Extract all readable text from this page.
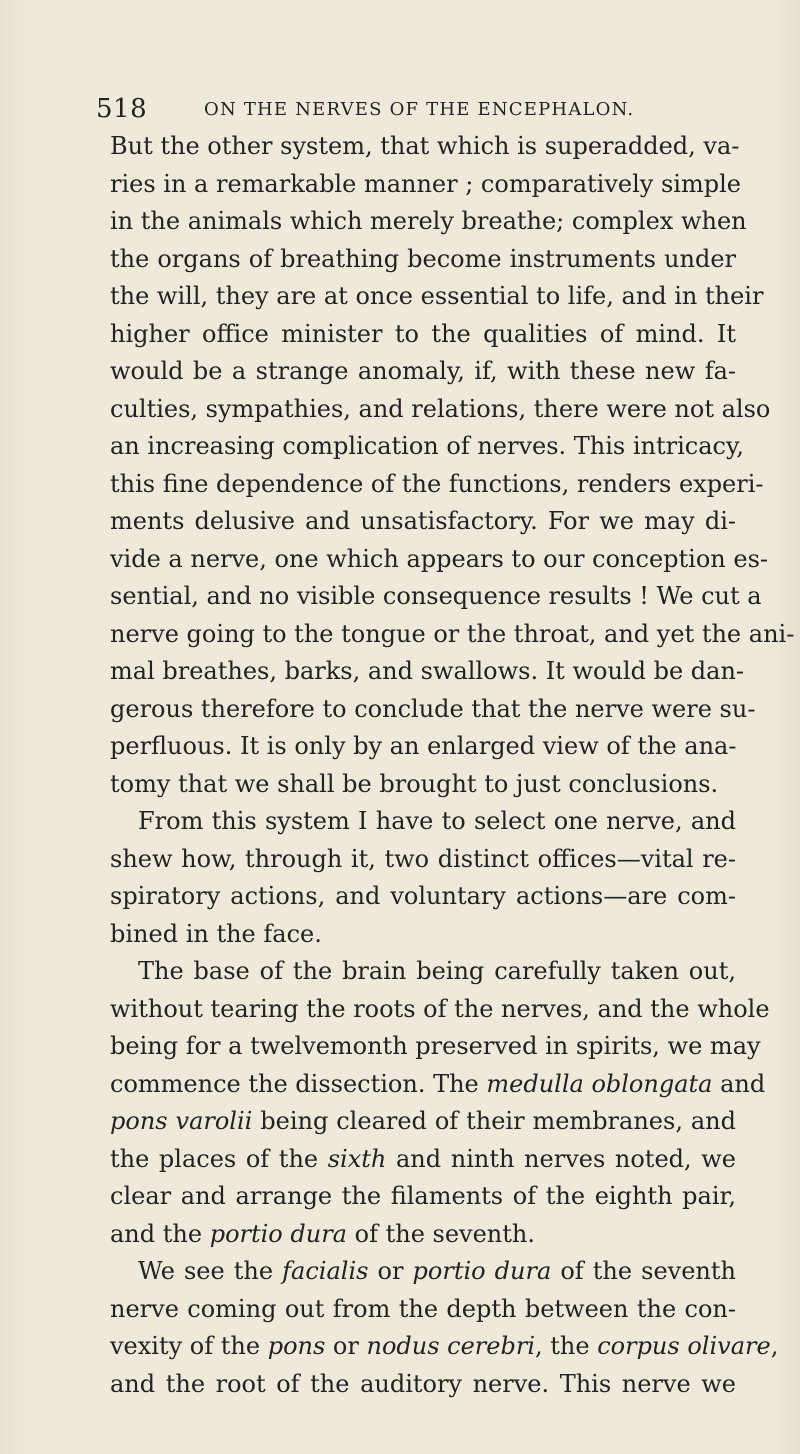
518	ON THE NERVES OF THE ENCEPHALON.
But the other system, that which is superadded, va-
ries in a remarkable manner ; comparatively simple
in the animals which merely breathe; complex when
the organs of breathing become instruments under
the will, they are at once essential to life, and in their
higher office minister to the qualities of mind. It
would be a strange anomaly, if, with these new fa-
culties, sympathies, and relations, there were not also
an increasing complication of nerves. This intricacy,
this fine dependence of the functions, renders experi-
ments delusive and unsatisfactory. For we may di-
vide a nerve, one which appears to our conception es-
sential, and no visible consequence results ! We cut a
nerve going to the tongue or the throat, and yet the ani-
mal breathes, barks, and swallows. It would be dan-
gerous therefore to conclude that the nerve were su-
perfluous. It is only by an enlarged view of the ana-
tomy that we shall be brought to just conclusions.
From this system I have to select one nerve, and
shew how, through it, two distinct offices—vital re-
spiratory actions, and voluntary actions—are com-
bined in the face.
The base of the brain being carefully taken out,
without tearing the roots of the nerves, and the whole
being for a twelvemonth preserved in spirits, we may
commence the dissection. The medulla oblongata and
pons varolii being cleared of their membranes, and
the places of the sixth and ninth nerves noted, we
clear and arrange the filaments of the eighth pair,
and the portio dura of the seventh.
We see the facialis or portio dura of the seventh
nerve coming out from the depth between the con-
vexity of the pons or nodus cerebri, the corpus olivare,
and the root of the auditory nerve. This nerve we
